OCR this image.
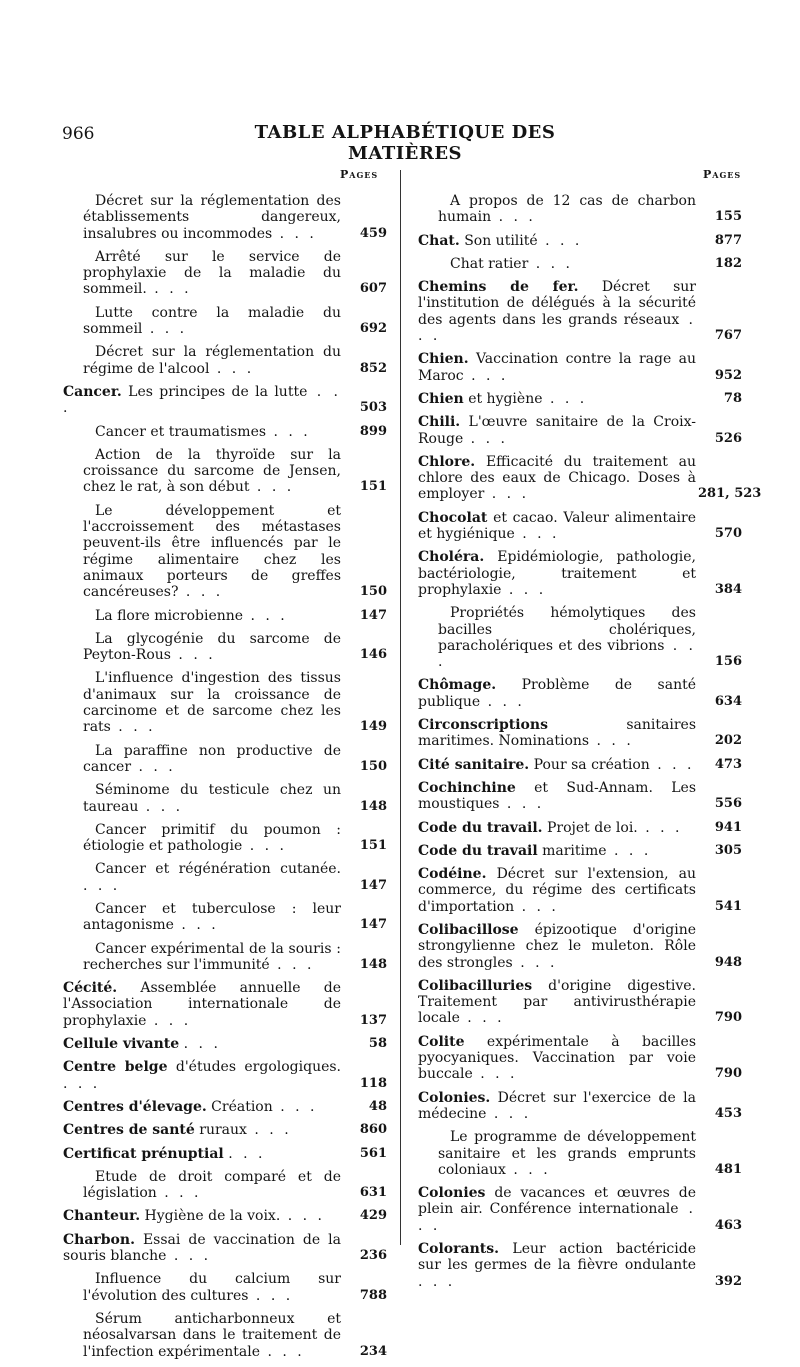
966	TABLE ALPHABÉTIQUE DES MATIÈRES
Pages	Pages
Décret sur la réglementation des établissements dangereux, insalubres ou incommodes . . .	459
Arrêté sur le service de prophylaxie de la maladie du sommeil. . . .	607
Lutte contre la maladie du sommeil . . .	692
Décret sur la réglementation du régime de l'alcool . . .	852
Cancer. Les principes de la lutte . . .	503
Cancer et traumatismes . . .	899
Action de la thyroïde sur la croissance du sarcome de Jensen, chez le rat, à son début . . .	151
Le développement et l'accroissement des métastases peuvent-ils être influencés par le régime alimentaire chez les animaux porteurs de greffes cancéreuses? . . .	150
La flore microbienne . . .	147
La glycogénie du sarcome de Peyton-Rous . . .	146
L'influence d'ingestion des tissus d'animaux sur la croissance de carcinome et de sarcome chez les rats . . .	149
La paraffine non productive de cancer . . .	150
Séminome du testicule chez un taureau . . .	148
Cancer primitif du poumon : étiologie et pathologie . . .	151
Cancer et régénération cutanée. . . .	147
Cancer et tuberculose : leur antagonisme . . .	147
Cancer expérimental de la souris : recherches sur l'immunité . . .	148
Cécité. Assemblée annuelle de l'Association internationale de prophylaxie . . .	137
Cellule vivante . . .	58
Centre belge d'études ergologiques. . . .	118
Centres d'élevage. Création . . .	48
Centres de santé ruraux . . .	860
Certificat prénuptial . . .	561
Etude de droit comparé et de législation . . .	631
Chanteur. Hygiène de la voix. . . .	429
Charbon. Essai de vaccination de la souris blanche . . .	236
Influence du calcium sur l'évolution des cultures . . .	788
Sérum anticharbonneux et néosalvarsan dans le traitement de l'infection expérimentale . . .	234
A propos de 12 cas de charbon humain . . .	155
Chat. Son utilité . . .	877
Chat ratier . . .	182
Chemins de fer. Décret sur l'institution de délégués à la sécurité des agents dans les grands réseaux . . .	767
Chien. Vaccination contre la rage au Maroc . . .	952
Chien et hygiène . . .	78
Chili. L'œuvre sanitaire de la Croix-Rouge . . .	526
Chlore. Efficacité du traitement au chlore des eaux de Chicago. Doses à employer . . .	281, 523
Chocolat et cacao. Valeur alimentaire et hygiénique . . .	570
Choléra. Epidémiologie, pathologie, bactériologie, traitement et prophylaxie . . .	384
Propriétés hémolytiques des bacilles cholériques, paracholériques et des vibrions . . .	156
Chômage. Problème de santé publique . . .	634
Circonscriptions	sanitaires maritimes. Nominations . . .	202
Cité sanitaire. Pour sa création . . .	473
Cochinchine et Sud-Annam. Les moustiques . . .	556
Code du travail. Projet de loi. . . .	941
Code du travail maritime . . .	305
Codéine. Décret sur l'extension, au commerce, du régime des certificats d'importation . . .	541
Colibacillose épizootique d'origine strongylienne chez le muleton. Rôle des strongles . . .	948
Colibacilluries d'origine digestive. Traitement par antivirusthérapie locale . . .	790
Colite expérimentale à bacilles pyocyaniques. Vaccination par voie buccale . . .	790
Colonies. Décret sur l'exercice de la médecine . . .	453
Le programme de développement sanitaire et les grands emprunts coloniaux . . .	481
Colonies de vacances et œuvres de plein air. Conférence internationale . . .	463
Colorants. Leur action bactéricide sur les germes de la fièvre ondulante . . .	392
